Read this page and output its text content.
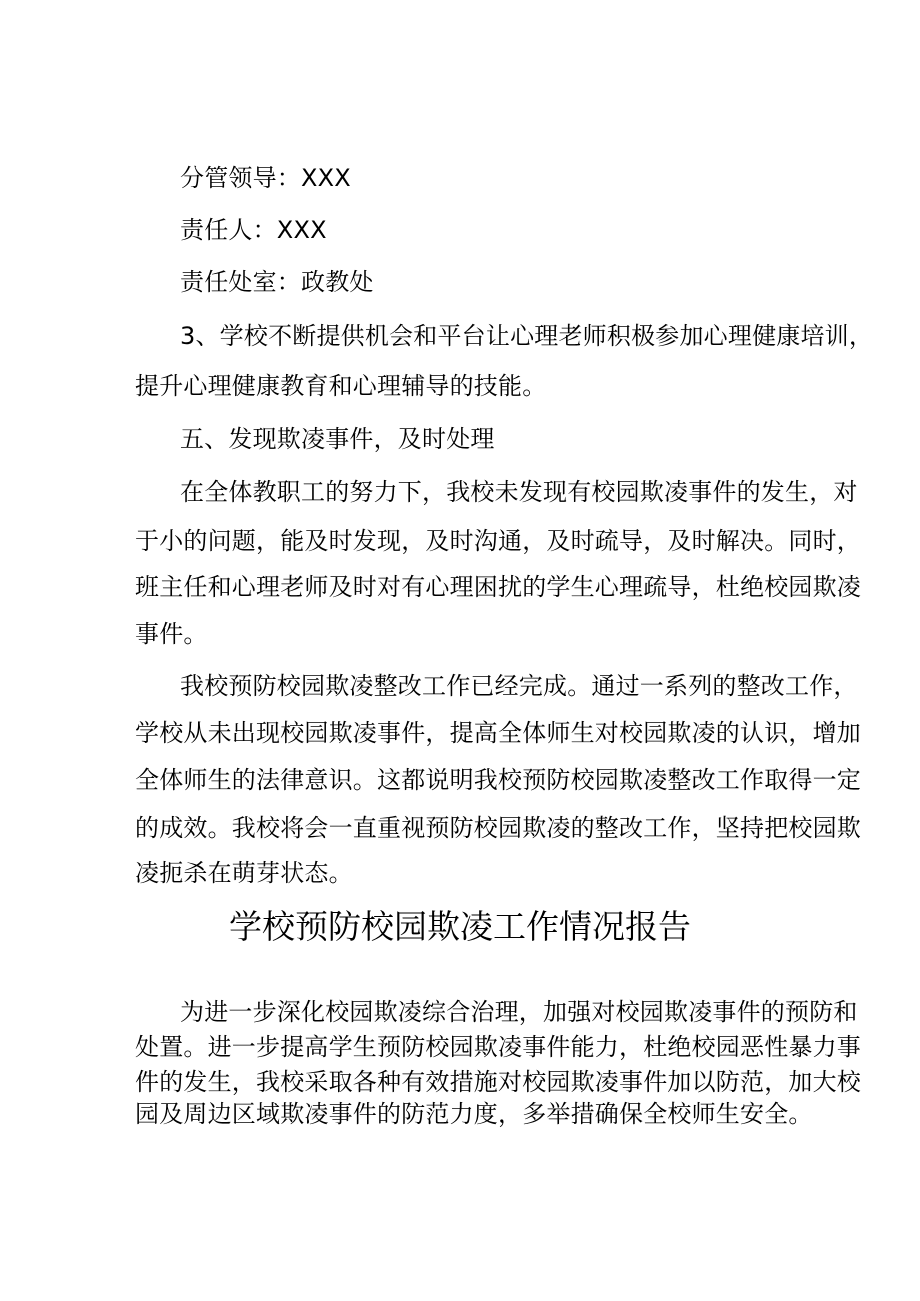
分管领导：XXX
责任人：XXX
责任处室：政教处
3、学校不断提供机会和平台让心理老师积极参加心理健康培训，
提升心理健康教育和心理辅导的技能。
五、发现欺凌事件，及时处理
在全体教职工的努力下，我校未发现有校园欺凌事件的发生，对
于小的问题，能及时发现，及时沟通，及时疏导，及时解决。同时，
班主任和心理老师及时对有心理困扰的学生心理疏导，杜绝校园欺凌
事件。
我校预防校园欺凌整改工作已经完成。通过一系列的整改工作，
学校从未出现校园欺凌事件，提高全体师生对校园欺凌的认识，增加
全体师生的法律意识。这都说明我校预防校园欺凌整改工作取得一定
的成效。我校将会一直重视预防校园欺凌的整改工作，坚持把校园欺
凌扼杀在萌芽状态。
学校预防校园欺凌工作情况报告
为进一步深化校园欺凌综合治理，加强对校园欺凌事件的预防和
处置。进一步提高学生预防校园欺凌事件能力，杜绝校园恶性暴力事
件的发生，我校采取各种有效措施对校园欺凌事件加以防范，加大校
园及周边区域欺凌事件的防范力度，多举措确保全校师生安全。
